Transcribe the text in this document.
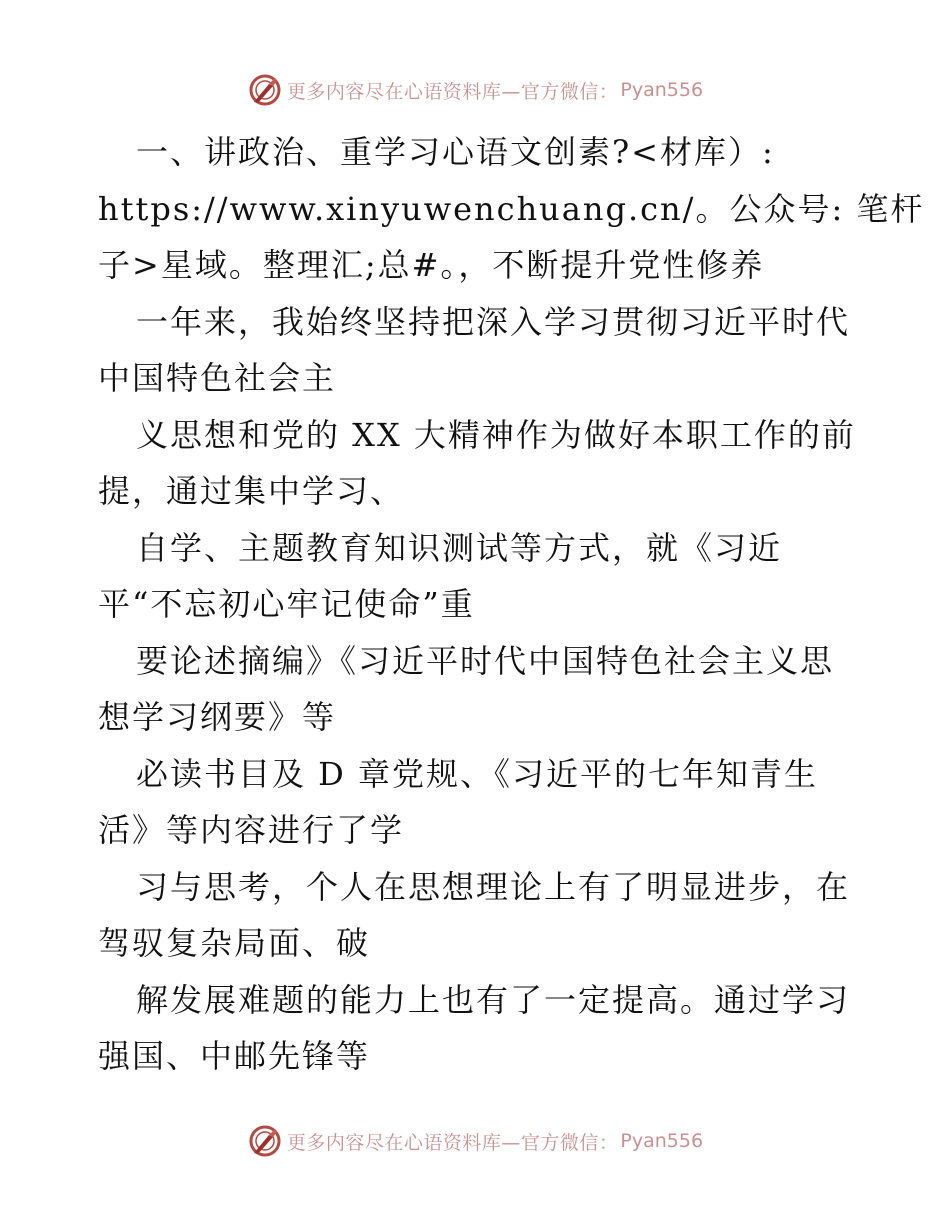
更多内容尽在心语资料库—官方微信： Pyan556

一、讲政治、重学习心语文创素?<材库）:
https://www.xinyuwenchuang.cn/。公众号: 笔杆
子>星域。整理汇;总#。，不断提升党性修养

一年来，我始终坚持把深入学习贯彻习近平时代
中国特色社会主

义思想和党的 XX 大精神作为做好本职工作的前
提，通过集中学习、

自学、主题教育知识测试等方式，就《习近
平“不忘初心牢记使命”重

要论述摘编》《习近平时代中国特色社会主义思
想学习纲要》等

必读书目及 D 章党规、《习近平的七年知青生
活》等内容进行了学

习与思考，个人在思想理论上有了明显进步，在
驾驭复杂局面、破

解发展难题的能力上也有了一定提高。通过学习
强国、中邮先锋等

更多内容尽在心语资料库—官方微信： Pyan556
